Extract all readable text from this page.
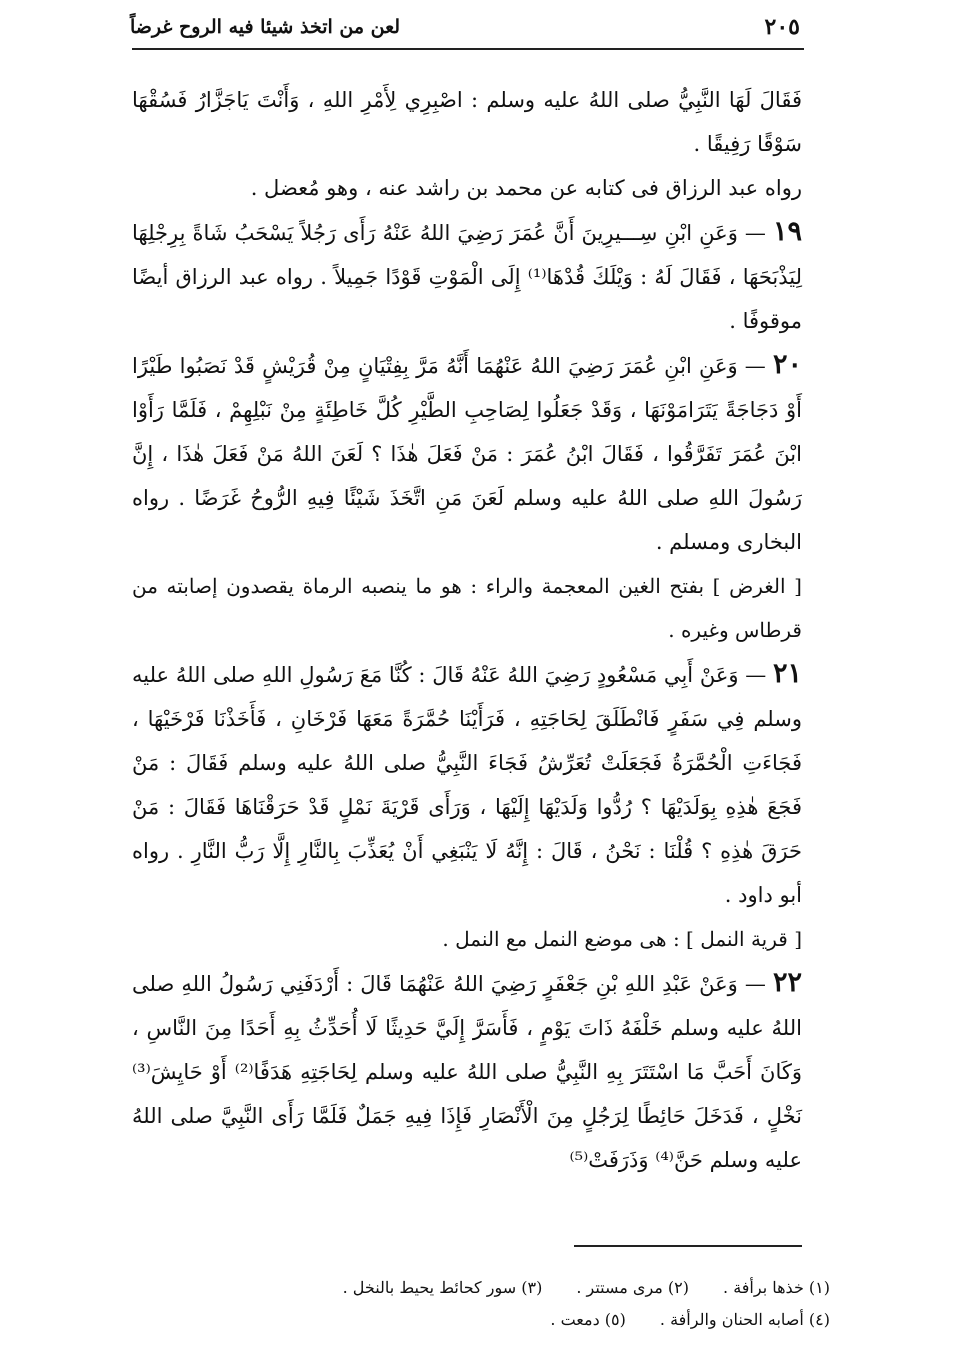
لعن من اتخذ شيئا فيه الروح غرضاً	٢٠٥

فَقَالَ لَهَا النَّبِيُّ صلى اللهُ عليه وسلم : اصْبِرِي لِأَمْرِ اللهِ ، وَأَنْتَ يَاجَزَّارُ فَسُقْهَا سَوْقًا رَفِيقًا .

رواه عبد الرزاق فى كتابه عن محمد بن راشد عنه ، وهو مُعضل .

١٩ — وَعَنِ ابْنِ سِـــيرِينَ أَنَّ عُمَرَ رَضِيَ اللهُ عَنْهُ رَأَى رَجُلاً يَسْحَبُ شَاةً بِرِجْلِهَا لِيَذْبَحَهَا ، فَقَالَ لَهُ : وَيْلَكَ قُدْهَا⁽¹⁾ إِلَى الْمَوْتِ قَوْدًا جَمِيلاً . رواه عبد الرزاق أيضًا موقوفًا .

٢٠ — وَعَنِ ابْنِ عُمَرَ رَضِيَ اللهُ عَنْهُمَا أَنَّهُ مَرَّ بِفِتْيَانٍ مِنْ قُرَيْشٍ قَدْ نَصَبُوا طَيْرًا أَوْ دَجَاجَةً يَتَرَامَوْنَهَا ، وَقَدْ جَعَلُوا لِصَاحِبِ الطَّيْرِ كُلَّ خَاطِئَةٍ مِنْ نَبْلِهِمْ ، فَلَمَّا رَأَوْا ابْنَ عُمَرَ تَفَرَّقُوا ، فَقَالَ ابْنُ عُمَرَ : مَنْ فَعَلَ هٰذَا ؟ لَعَنَ اللهُ مَنْ فَعَلَ هٰذَا ، إِنَّ رَسُولَ اللهِ صلى اللهُ عليه وسلم لَعَنَ مَنِ اتَّخَذَ شَيْئًا فِيهِ الرُّوحُ غَرَضًا . رواه البخارى ومسلم .

[ الغرض ] بفتح الغين المعجمة والراء : هو ما ينصبه الرماة يقصدون إصابته من قرطاس وغيره .

٢١ — وَعَنْ أَبِي مَسْعُودٍ رَضِيَ اللهُ عَنْهُ قَالَ : كُنَّا مَعَ رَسُولِ اللهِ صلى اللهُ عليه وسلم فِي سَفَرٍ فَانْطَلَقَ لِحَاجَتِهِ ، فَرَأَيْنَا حُمَّرَةً مَعَهَا فَرْخَانِ ، فَأَخَذْنَا فَرْخَيْهَا ، فَجَاءَتِ الْحُمَّرَةُ فَجَعَلَتْ تُعَرِّشُ فَجَاءَ النَّبِيُّ صلى اللهُ عليه وسلم فَقَالَ : مَنْ فَجَعَ هٰذِهِ بِوَلَدَيْهَا ؟ رُدُّوا وَلَدَيْهَا إِلَيْهَا ، وَرَأَى قَرْيَةَ نَمْلٍ قَدْ حَرَقْنَاهَا فَقَالَ : مَنْ حَرَقَ هٰذِهِ ؟ قُلْنَا : نَحْنُ ، قَالَ : إِنَّهُ لَا يَنْبَغِي أَنْ يُعَذِّبَ بِالنَّارِ إِلَّا رَبُّ النَّارِ . رواه أبو داود .

[ قرية النمل ] : هى موضع النمل مع النمل .

٢٢ — وَعَنْ عَبْدِ اللهِ بْنِ جَعْفَرٍ رَضِيَ اللهُ عَنْهُمَا قَالَ : أَرْدَفَنِي رَسُولُ اللهِ صلى اللهُ عليه وسلم خَلْفَهُ ذَاتَ يَوْمٍ ، فَأَسَرَّ إِلَيَّ حَدِيثًا لَا أُحَدِّثُ بِهِ أَحَدًا مِنَ النَّاسِ ، وَكَانَ أَحَبَّ مَا اسْتَتَرَ بِهِ النَّبِيُّ صلى اللهُ عليه وسلم لِحَاجَتِهِ هَدَفًا⁽²⁾ أَوْ حَايِشَ⁽³⁾ نَخْلٍ ، فَدَخَلَ حَائِطًا لِرَجُلٍ مِنَ الْأَنْصَارِ فَإِذَا فِيهِ جَمَلٌ فَلَمَّا رَأَى النَّبِيَّ صلى اللهُ عليه وسلم حَنَّ⁽⁴⁾ وَذَرَفَتْ⁽⁵⁾

(١) خذها برأفة .
(٢) مرى مستتر .
(٣) سور كحائط يحيط بالنخل .
(٤) أصابه الحنان والرأفة .
(٥) دمعت .
